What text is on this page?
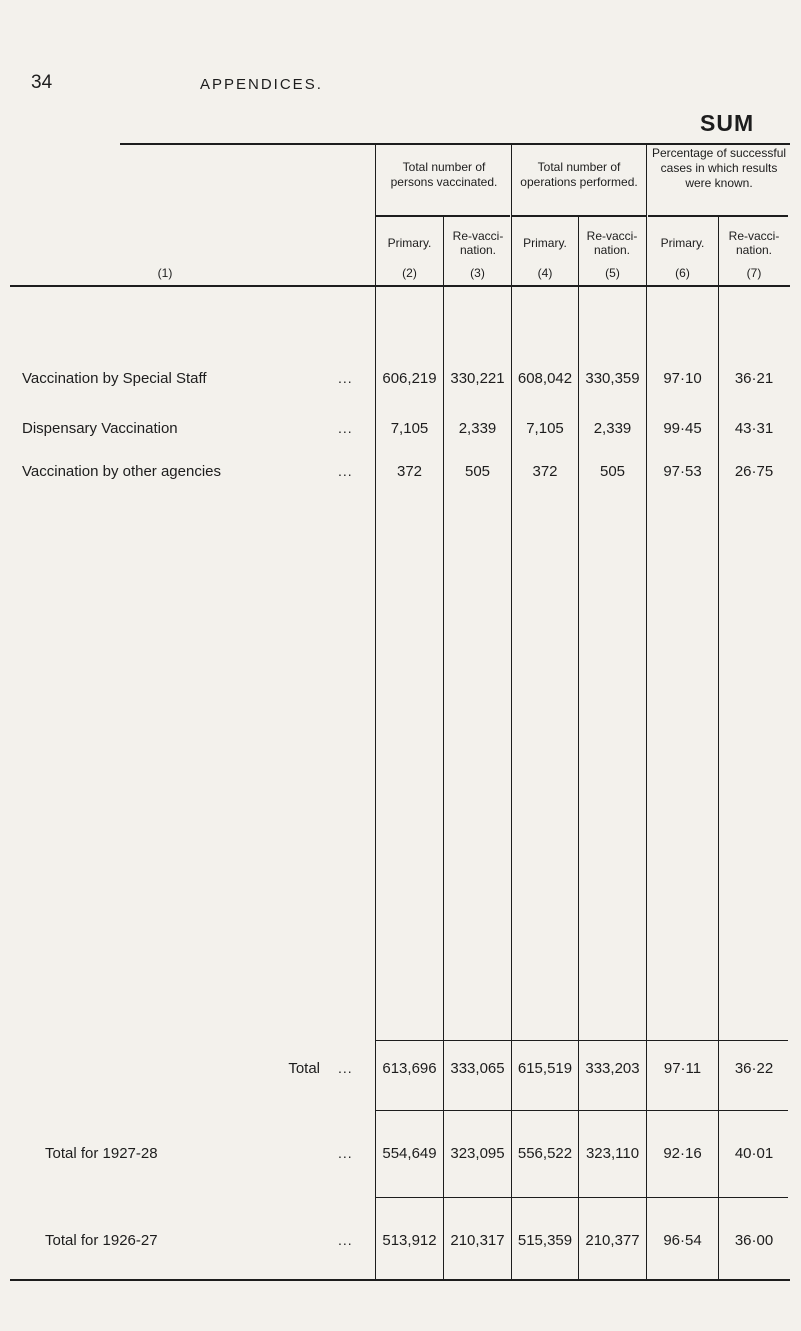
34	APPENDICES.
SUM
Total number of persons vaccinated.
Total number of operations performed.
Percentage of successful cases in which results were known.
Primary.	Re-vacci-nation.	Primary.	Re-vacci-nation.	Primary.	Re-vacci-nation.
(1)	(2)	(3)	(4)	(5)	(6)	(7)
Vaccination by Special Staff	...	606,219 330,221 608,042 330,359	97·10	36·21
Dispensary Vaccination	...	7,105	2,339	7,105	2,339	99·45	43·31
Vaccination by other agencies	...	372	505	372	505	97·53	26·75
Total ...	613,696 333,065 615,519 333,203	97·11	36·22
Total for 1927-28	...	554,649 323,095 556,522 323,110	92·16	40·01
Total for 1926-27	...	513,912 210,317 515,359 210,377	96·54	36·00
